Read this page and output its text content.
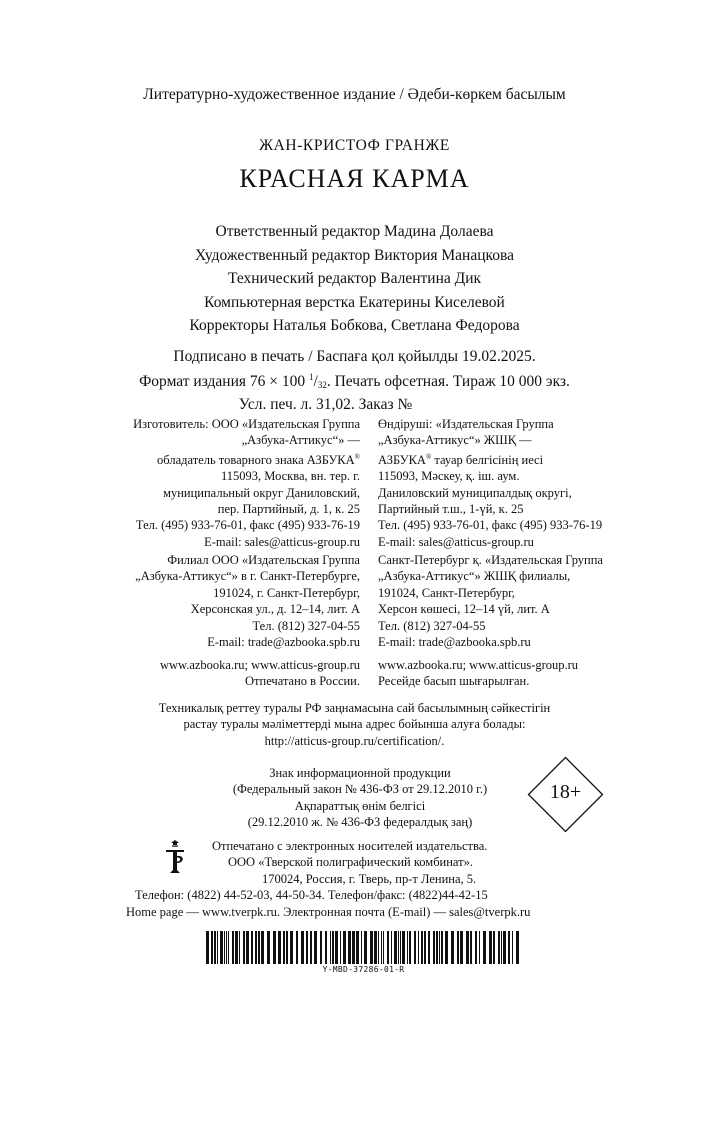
Литературно-художественное издание / Әдеби-көркем басылым
ЖАН-КРИСТОФ ГРАНЖЕ
КРАСНАЯ КАРМА
Ответственный редактор Мадина Долаева
Художественный редактор Виктория Манацкова
Технический редактор Валентина Дик
Компьютерная верстка Екатерины Киселевой
Корректоры Наталья Бобкова, Светлана Федорова
Подписано в печать / Баспаға қол қойылды 19.02.2025.
Формат издания 76 × 100 $^1/_{32}$. Печать офсетная. Тираж 10 000 экз.
Усл. печ. л. 31,02. Заказ №
Изготовитель: ООО «Издательская Группа
„Азбука-Аттикус“» —
обладатель товарного знака АЗБУКА®
115093, Москва, вн. тер. г.
муниципальный округ Даниловский,
пер. Партийный, д. 1, к. 25
Тел. (495) 933-76-01, факс (495) 933-76-19
E-mail: sales@atticus-group.ru
Өндіруші: «Издательская Группа
„Азбука-Аттикус“» ЖШҚ —
АЗБУКА® тауар белгісінің иесі
115093, Мәскеу, қ. іш. аум.
Даниловский муниципалдық округі,
Партийный т.ш., 1-үй, к. 25
Тел. (495) 933-76-01, факс (495) 933-76-19
E-mail: sales@atticus-group.ru
Филиал ООО «Издательская Группа
„Азбука-Аттикус“» в г. Санкт-Петербурге,
191024, г. Санкт-Петербург,
Херсонская ул., д. 12–14, лит. А
Тел. (812) 327-04-55
E-mail: trade@azbooka.spb.ru
Санкт-Петербург қ. «Издательская Группа
„Азбука-Аттикус“» ЖШҚ филиалы,
191024, Санкт-Петербург,
Херсон көшесі, 12–14 үй, лит. А
Тел. (812) 327-04-55
E-mail: trade@azbooka.spb.ru
www.azbooka.ru; www.atticus-group.ru
Отпечатано в России.
www.azbooka.ru; www.atticus-group.ru
Ресейде басып шығарылған.
Техникалық реттеу туралы РФ заңнамасына сай басылымның сәйкестігін
растау туралы мәліметтерді мына адрес бойынша алуға болады:
http://atticus-group.ru/certification/.
Знак информационной продукции
(Федеральный закон № 436-ФЗ от 29.12.2010 г.)
Ақпараттық өнім белгісі
(29.12.2010 ж. № 436-ФЗ федералдық заң)
18+
Отпечатано с электронных носителей издательства.
ООО «Тверской полиграфический комбинат».
170024, Россия, г. Тверь, пр-т Ленина, 5.
Телефон: (4822) 44-52-03, 44-50-34. Телефон/факс: (4822)44-42-15
Home page — www.tverpk.ru. Электронная почта (E-mail) — sales@tverpk.ru
Y-MBD-37286-01-R
